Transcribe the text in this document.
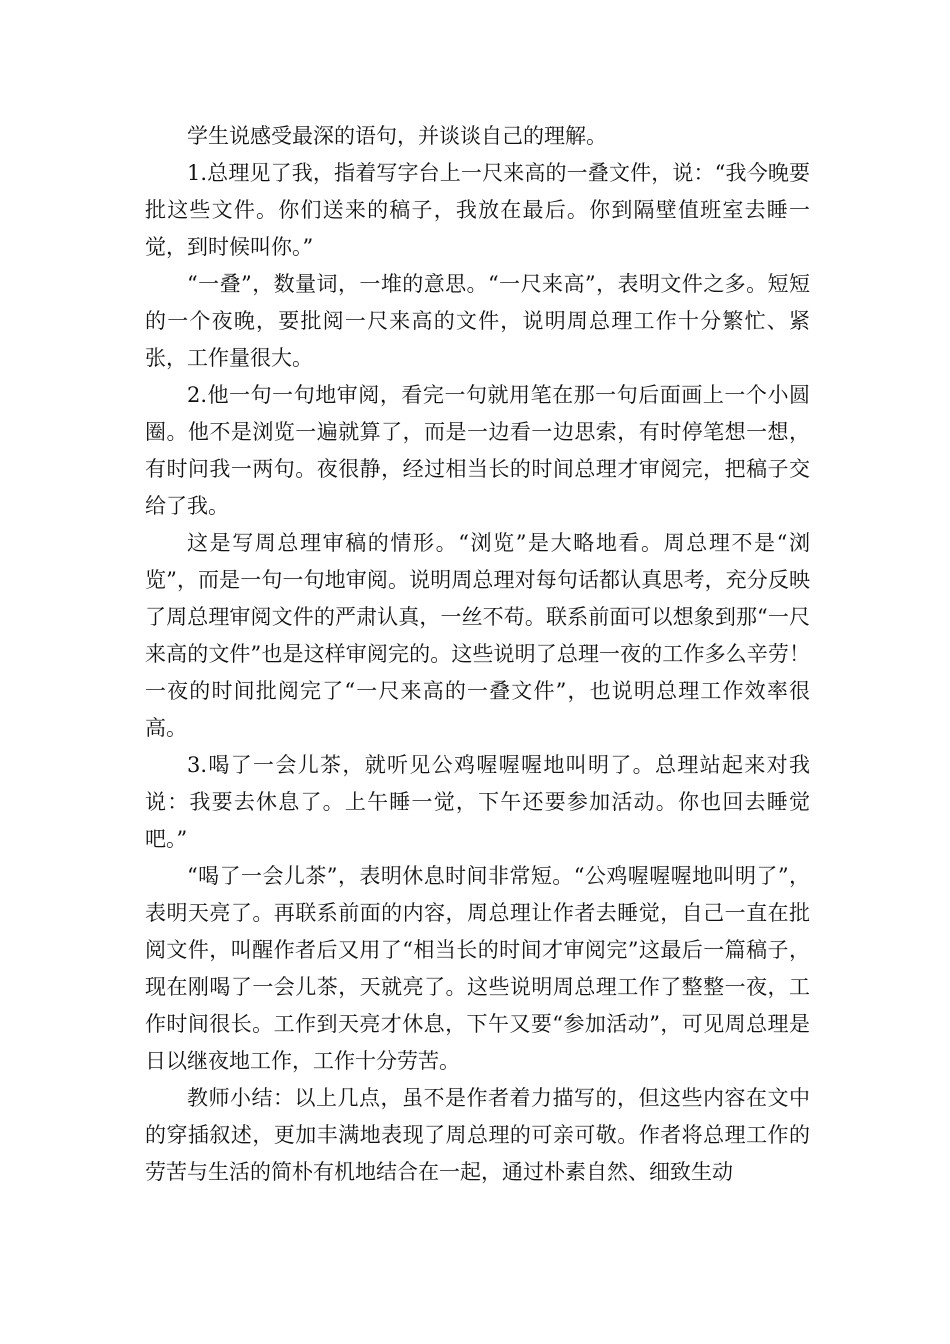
学生说感受最深的语句，并谈谈自己的理解。

1.总理见了我，指着写字台上一尺来高的一叠文件，说：“我今晚要批这些文件。你们送来的稿子，我放在最后。你到隔壁值班室去睡一觉，到时候叫你。”

“一叠”，数量词，一堆的意思。“一尺来高”，表明文件之多。短短的一个夜晚，要批阅一尺来高的文件，说明周总理工作十分繁忙、紧张，工作量很大。

2.他一句一句地审阅，看完一句就用笔在那一句后面画上一个小圆圈。他不是浏览一遍就算了，而是一边看一边思索，有时停笔想一想，有时问我一两句。夜很静，经过相当长的时间总理才审阅完，把稿子交给了我。

这是写周总理审稿的情形。“浏览”是大略地看。周总理不是“浏览”，而是一句一句地审阅。说明周总理对每句话都认真思考，充分反映了周总理审阅文件的严肃认真，一丝不苟。联系前面可以想象到那“一尺来高的文件”也是这样审阅完的。这些说明了总理一夜的工作多么辛劳！一夜的时间批阅完了“一尺来高的一叠文件”，也说明总理工作效率很高。

3.喝了一会儿茶，就听见公鸡喔喔喔地叫明了。总理站起来对我说：我要去休息了。上午睡一觉，下午还要参加活动。你也回去睡觉吧。”

“喝了一会儿茶”，表明休息时间非常短。“公鸡喔喔喔地叫明了”，表明天亮了。再联系前面的内容，周总理让作者去睡觉，自己一直在批阅文件，叫醒作者后又用了“相当长的时间才审阅完”这最后一篇稿子，现在刚喝了一会儿茶，天就亮了。这些说明周总理工作了整整一夜，工作时间很长。工作到天亮才休息，下午又要“参加活动”，可见周总理是日以继夜地工作，工作十分劳苦。

教师小结：以上几点，虽不是作者着力描写的，但这些内容在文中的穿插叙述，更加丰满地表现了周总理的可亲可敬。作者将总理工作的劳苦与生活的简朴有机地结合在一起，通过朴素自然、细致生动
